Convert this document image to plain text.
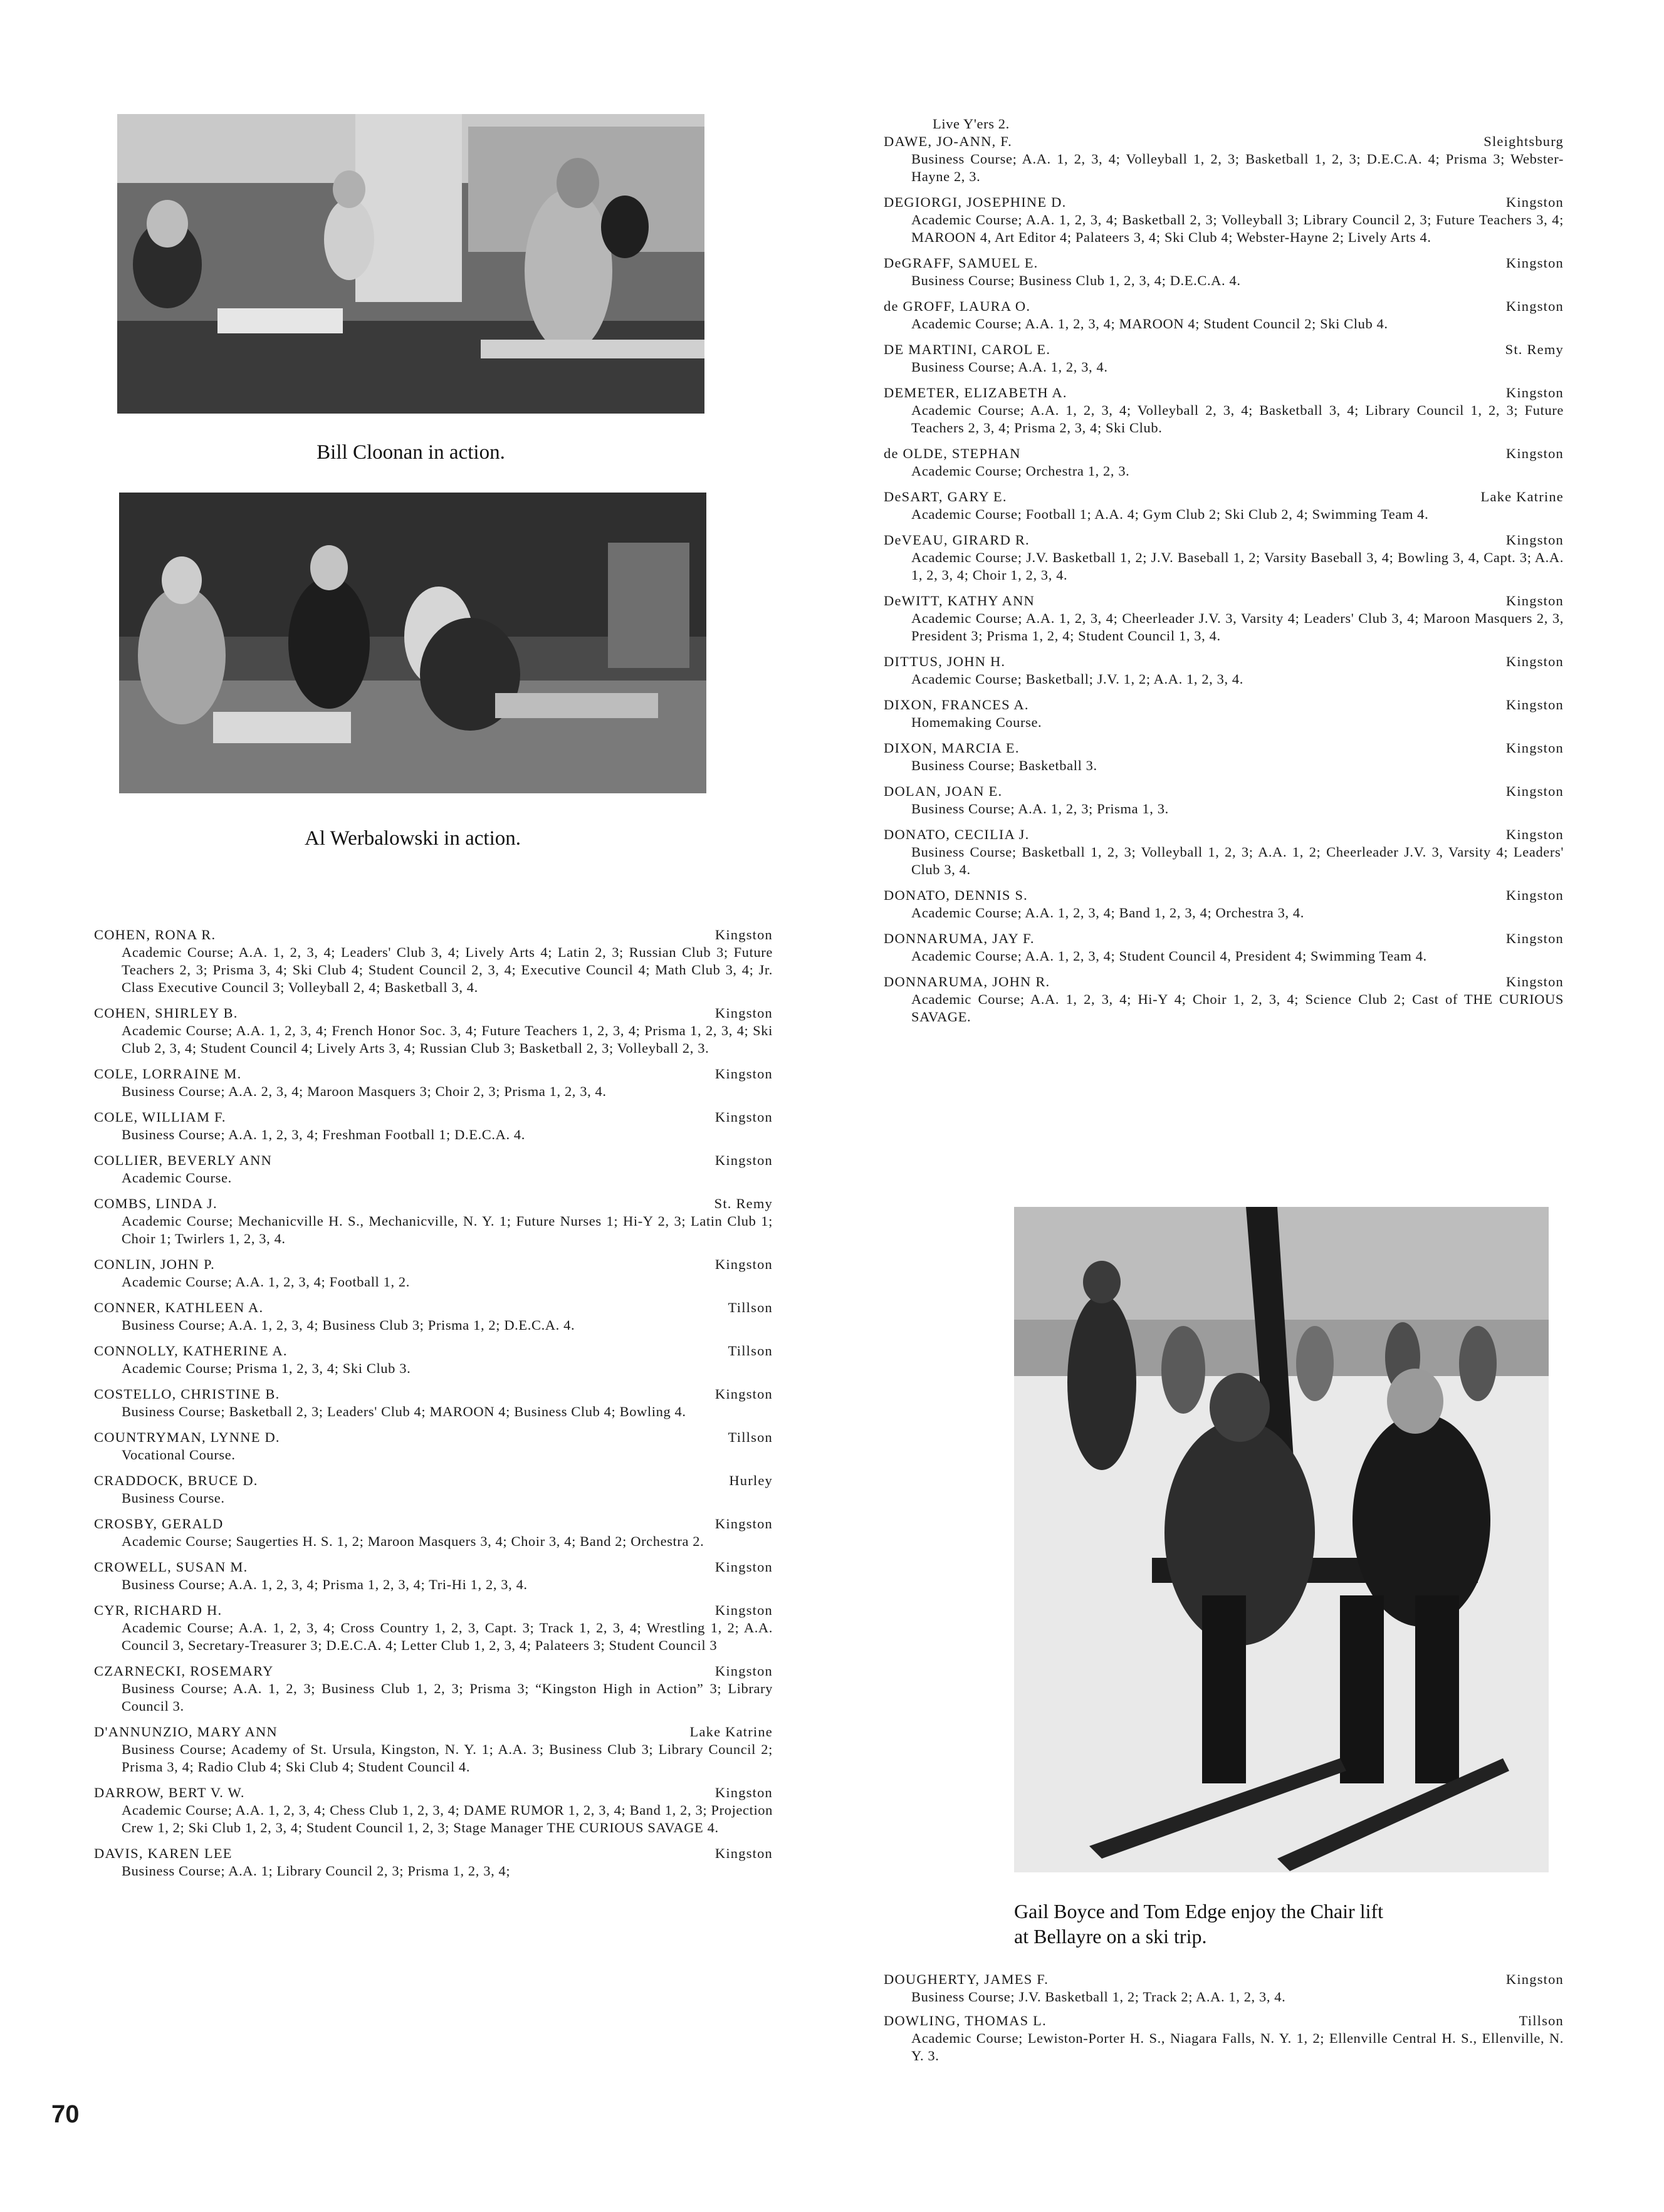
Bill Cloonan in action.
Al Werbalowski in action.
Gail Boyce and Tom Edge enjoy the Chair lift
at Bellayre on a ski trip.
COHEN, RONA R.	Kingston
Academic Course; A.A. 1, 2, 3, 4; Leaders' Club 3, 4; Lively Arts 4; Latin 2, 3; Russian Club 3; Future Teachers 2, 3; Prisma 3, 4; Ski Club 4; Student Council 2, 3, 4; Executive Council 4; Math Club 3, 4; Jr. Class Executive Council 3; Volleyball 2, 4; Basketball 3, 4.
COHEN, SHIRLEY B.	Kingston
Academic Course; A.A. 1, 2, 3, 4; French Honor Soc. 3, 4; Future Teachers 1, 2, 3, 4; Prisma 1, 2, 3, 4; Ski Club 2, 3, 4; Student Council 4; Lively Arts 3, 4; Russian Club 3; Basketball 2, 3; Volleyball 2, 3.
COLE, LORRAINE M.	Kingston
Business Course; A.A. 2, 3, 4; Maroon Masquers 3; Choir 2, 3; Prisma 1, 2, 3, 4.
COLE, WILLIAM F.	Kingston
Business Course; A.A. 1, 2, 3, 4; Freshman Football 1; D.E.C.A. 4.
COLLIER, BEVERLY ANN	Kingston
Academic Course.
COMBS, LINDA J.	St. Remy
Academic Course; Mechanicville H. S., Mechanicville, N. Y. 1; Future Nurses 1; Hi-Y 2, 3; Latin Club 1; Choir 1; Twirlers 1, 2, 3, 4.
CONLIN, JOHN P.	Kingston
Academic Course; A.A. 1, 2, 3, 4; Football 1, 2.
CONNER, KATHLEEN A.	Tillson
Business Course; A.A. 1, 2, 3, 4; Business Club 3; Prisma 1, 2; D.E.C.A. 4.
CONNOLLY, KATHERINE A.	Tillson
Academic Course; Prisma 1, 2, 3, 4; Ski Club 3.
COSTELLO, CHRISTINE B.	Kingston
Business Course; Basketball 2, 3; Leaders' Club 4; MAROON 4; Business Club 4; Bowling 4.
COUNTRYMAN, LYNNE D.	Tillson
Vocational Course.
CRADDOCK, BRUCE D.	Hurley
Business Course.
CROSBY, GERALD	Kingston
Academic Course; Saugerties H. S. 1, 2; Maroon Masquers 3, 4; Choir 3, 4; Band 2; Orchestra 2.
CROWELL, SUSAN M.	Kingston
Business Course; A.A. 1, 2, 3, 4; Prisma 1, 2, 3, 4; Tri-Hi 1, 2, 3, 4.
CYR, RICHARD H.	Kingston
Academic Course; A.A. 1, 2, 3, 4; Cross Country 1, 2, 3, Capt. 3; Track 1, 2, 3, 4; Wrestling 1, 2; A.A. Council 3, Secretary-Treasurer 3; D.E.C.A. 4; Letter Club 1, 2, 3, 4; Palateers 3; Student Council 3
CZARNECKI, ROSEMARY	Kingston
Business Course; A.A. 1, 2, 3; Business Club 1, 2, 3; Prisma 3; “Kingston High in Action” 3; Library Council 3.
D'ANNUNZIO, MARY ANN	Lake Katrine
Business Course; Academy of St. Ursula, Kingston, N. Y. 1; A.A. 3; Business Club 3; Library Council 2; Prisma 3, 4; Radio Club 4; Ski Club 4; Student Council 4.
DARROW, BERT V. W.	Kingston
Academic Course; A.A. 1, 2, 3, 4; Chess Club 1, 2, 3, 4; DAME RUMOR 1, 2, 3, 4; Band 1, 2, 3; Projection Crew 1, 2; Ski Club 1, 2, 3, 4; Student Council 1, 2, 3; Stage Manager THE CURIOUS SAVAGE 4.
DAVIS, KAREN LEE	Kingston
Business Course; A.A. 1; Library Council 2, 3; Prisma 1, 2, 3, 4;
Live Y'ers 2.
DAWE, JO-ANN, F.	Sleightsburg
Business Course; A.A. 1, 2, 3, 4; Volleyball 1, 2, 3; Basketball 1, 2, 3; D.E.C.A. 4; Prisma 3; Webster-Hayne 2, 3.
DEGIORGI, JOSEPHINE D.	Kingston
Academic Course; A.A. 1, 2, 3, 4; Basketball 2, 3; Volleyball 3; Library Council 2, 3; Future Teachers 3, 4; MAROON 4, Art Editor 4; Palateers 3, 4; Ski Club 4; Webster-Hayne 2; Lively Arts 4.
DeGRAFF, SAMUEL E.	Kingston
Business Course; Business Club 1, 2, 3, 4; D.E.C.A. 4.
de GROFF, LAURA O.	Kingston
Academic Course; A.A. 1, 2, 3, 4; MAROON 4; Student Council 2; Ski Club 4.
DE MARTINI, CAROL E.	St. Remy
Business Course; A.A. 1, 2, 3, 4.
DEMETER, ELIZABETH A.	Kingston
Academic Course; A.A. 1, 2, 3, 4; Volleyball 2, 3, 4; Basketball 3, 4; Library Council 1, 2, 3; Future Teachers 2, 3, 4; Prisma 2, 3, 4; Ski Club.
de OLDE, STEPHAN	Kingston
Academic Course; Orchestra 1, 2, 3.
DeSART, GARY E.	Lake Katrine
Academic Course; Football 1; A.A. 4; Gym Club 2; Ski Club 2, 4; Swimming Team 4.
DeVEAU, GIRARD R.	Kingston
Academic Course; J.V. Basketball 1, 2; J.V. Baseball 1, 2; Varsity Baseball 3, 4; Bowling 3, 4, Capt. 3; A.A. 1, 2, 3, 4; Choir 1, 2, 3, 4.
DeWITT, KATHY ANN	Kingston
Academic Course; A.A. 1, 2, 3, 4; Cheerleader J.V. 3, Varsity 4; Leaders' Club 3, 4; Maroon Masquers 2, 3, President 3; Prisma 1, 2, 4; Student Council 1, 3, 4.
DITTUS, JOHN H.	Kingston
Academic Course; Basketball; J.V. 1, 2; A.A. 1, 2, 3, 4.
DIXON, FRANCES A.	Kingston
Homemaking Course.
DIXON, MARCIA E.	Kingston
Business Course; Basketball 3.
DOLAN, JOAN E.	Kingston
Business Course; A.A. 1, 2, 3; Prisma 1, 3.
DONATO, CECILIA J.	Kingston
Business Course; Basketball 1, 2, 3; Volleyball 1, 2, 3; A.A. 1, 2; Cheerleader J.V. 3, Varsity 4; Leaders' Club 3, 4.
DONATO, DENNIS S.	Kingston
Academic Course; A.A. 1, 2, 3, 4; Band 1, 2, 3, 4; Orchestra 3, 4.
DONNARUMA, JAY F.	Kingston
Academic Course; A.A. 1, 2, 3, 4; Student Council 4, President 4; Swimming Team 4.
DONNARUMA, JOHN R.	Kingston
Academic Course; A.A. 1, 2, 3, 4; Hi-Y 4; Choir 1, 2, 3, 4; Science Club 2; Cast of THE CURIOUS SAVAGE.
DOUGHERTY, JAMES F.	Kingston
Business Course; J.V. Basketball 1, 2; Track 2; A.A. 1, 2, 3, 4.
DOWLING, THOMAS L.	Tillson
Academic Course; Lewiston-Porter H. S., Niagara Falls, N. Y. 1, 2; Ellenville Central H. S., Ellenville, N. Y. 3.
70
